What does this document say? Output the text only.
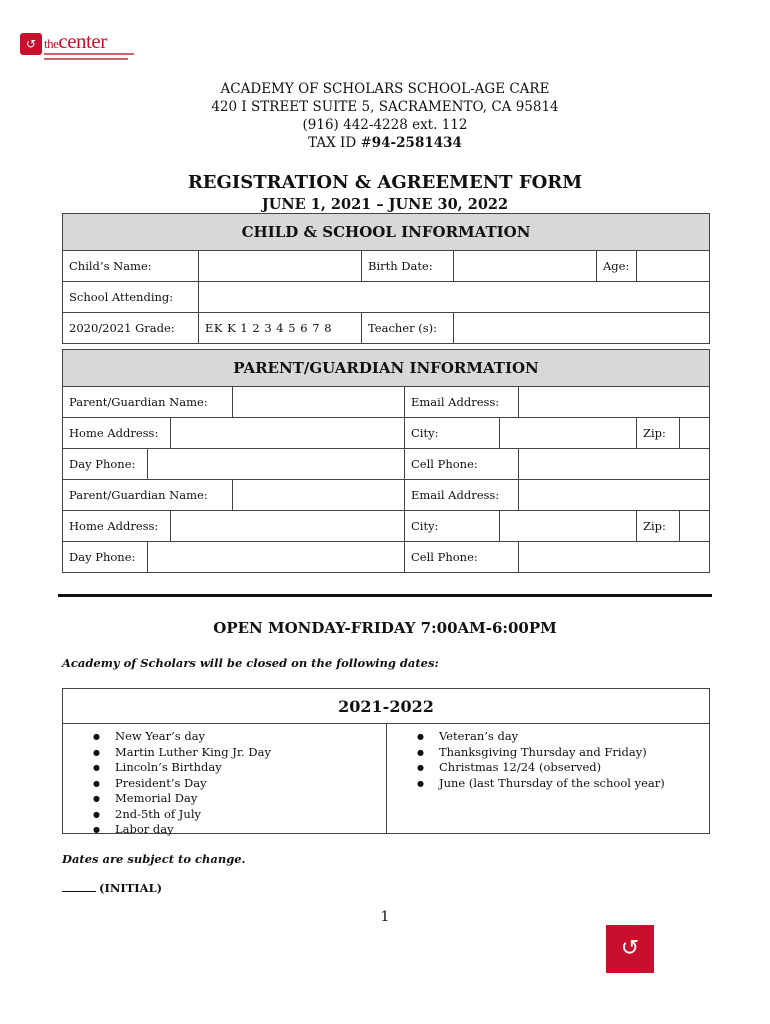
↺ thecenter
ACADEMY OF SCHOLARS SCHOOL-AGE CARE
420 I STREET SUITE 5, SACRAMENTO, CA 95814
(916) 442-4228 ext. 112
TAX ID #94-2581434
REGISTRATION & AGREEMENT FORM
JUNE 1, 2021 – JUNE 30, 2022
CHILD & SCHOOL INFORMATION					
Child’s Name:		Birth Date:		Age:	
School Attending:					
2020/2021 Grade:	EK K 1 2 3 4 5 6 7 8	Teacher (s):			
PARENT/GUARDIAN INFORMATION							
Parent/Guardian Name:				Email Address:			
Home Address:				City:			Zip:

Day Phone:				Cell Phone:			
Parent/Guardian Name:				Email Address:			
Home Address:				City:			Zip:

Day Phone:				Cell Phone:			
OPEN MONDAY-FRIDAY 7:00AM-6:00PM
Academy of Scholars will be closed on the following dates:
2021-2022
● New Year’s day
● Martin Luther King Jr. Day
● Lincoln’s Birthday
● President’s Day
● Memorial Day
● 2nd-5th of July
● Labor day
● Veteran’s day
● Thanksgiving Thursday and Friday)
● Christmas 12/24 (observed)
● June (last Thursday of the school year)
Dates are subject to change.
(INITIAL)
1
↺
